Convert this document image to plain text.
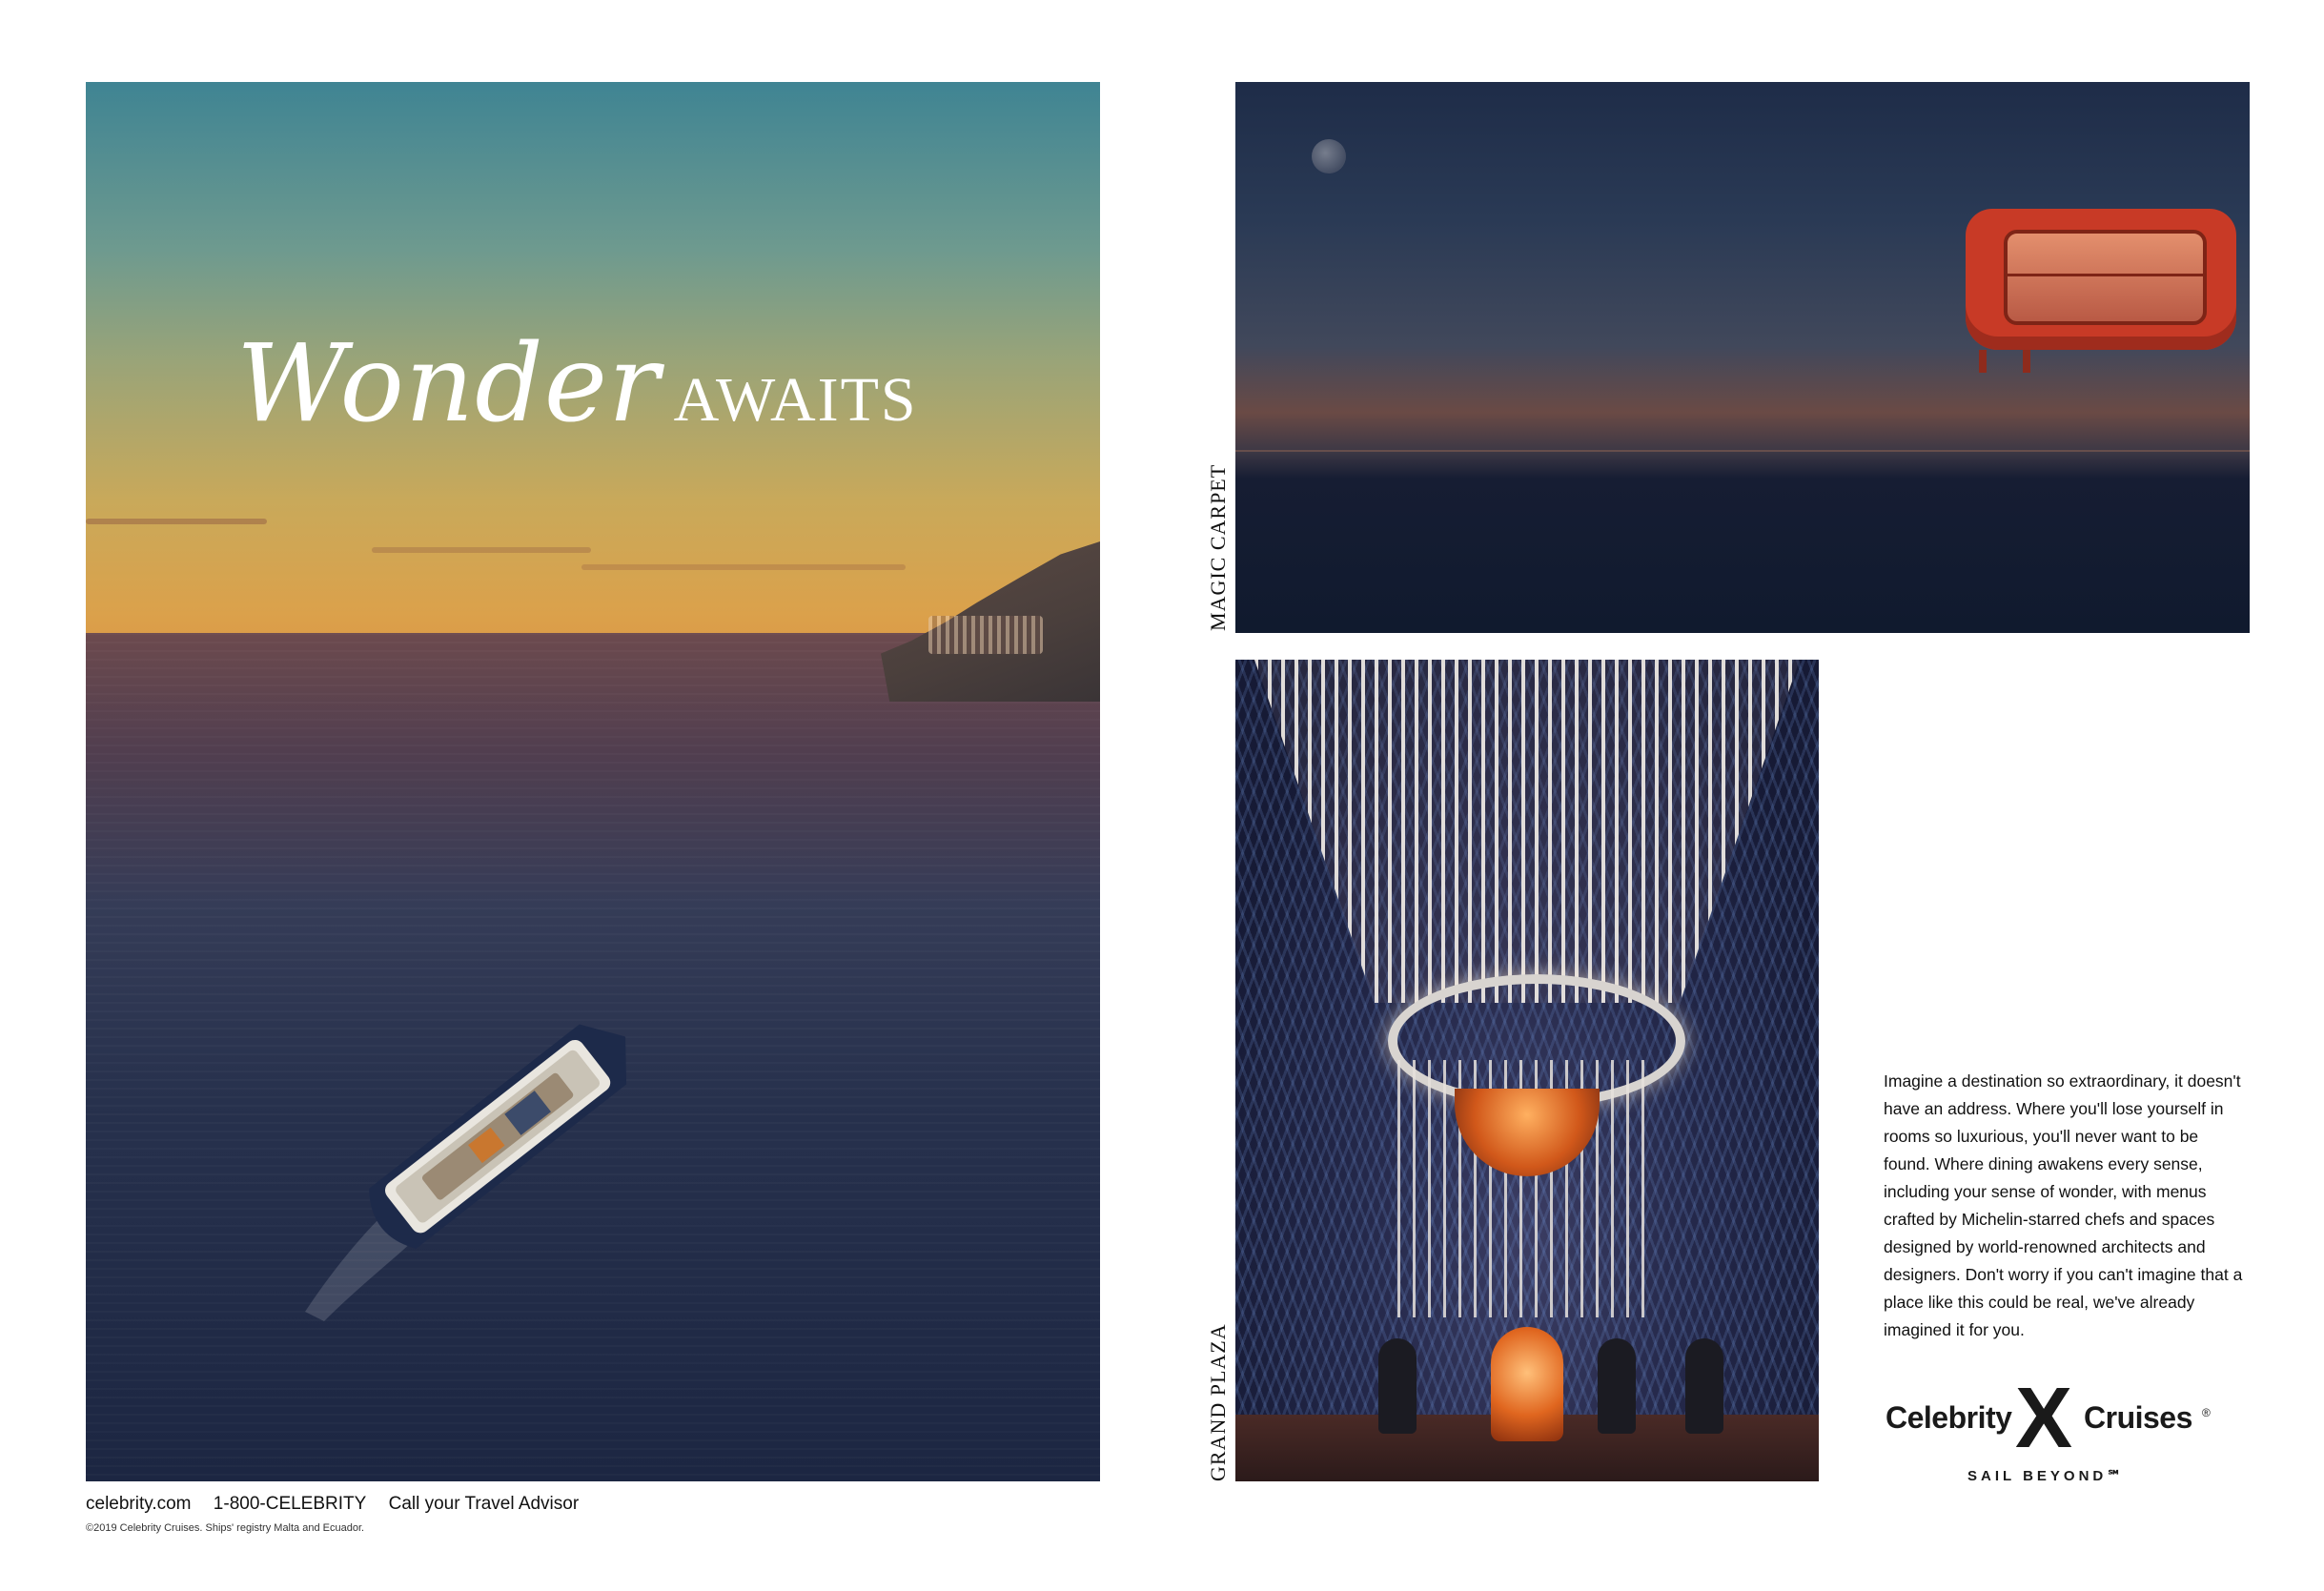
Wonder AWAITS
celebrity.com 1-800-CELEBRITY Call your Travel Advisor
©2019 Celebrity Cruises. Ships' registry Malta and Ecuador.
MAGIC CARPET
GRAND PLAZA
Imagine a destination so extraordinary, it doesn't have an address. Where you'll lose yourself in rooms so luxurious, you'll never want to be found. Where dining awakens every sense, including your sense of wonder, with menus crafted by Michelin-starred chefs and spaces designed by world-renowned architects and designers. Don't worry if you can't imagine that a place like this could be real, we've already imagined it for you.
Celebrity X Cruises ®
SAIL BEYOND℠
